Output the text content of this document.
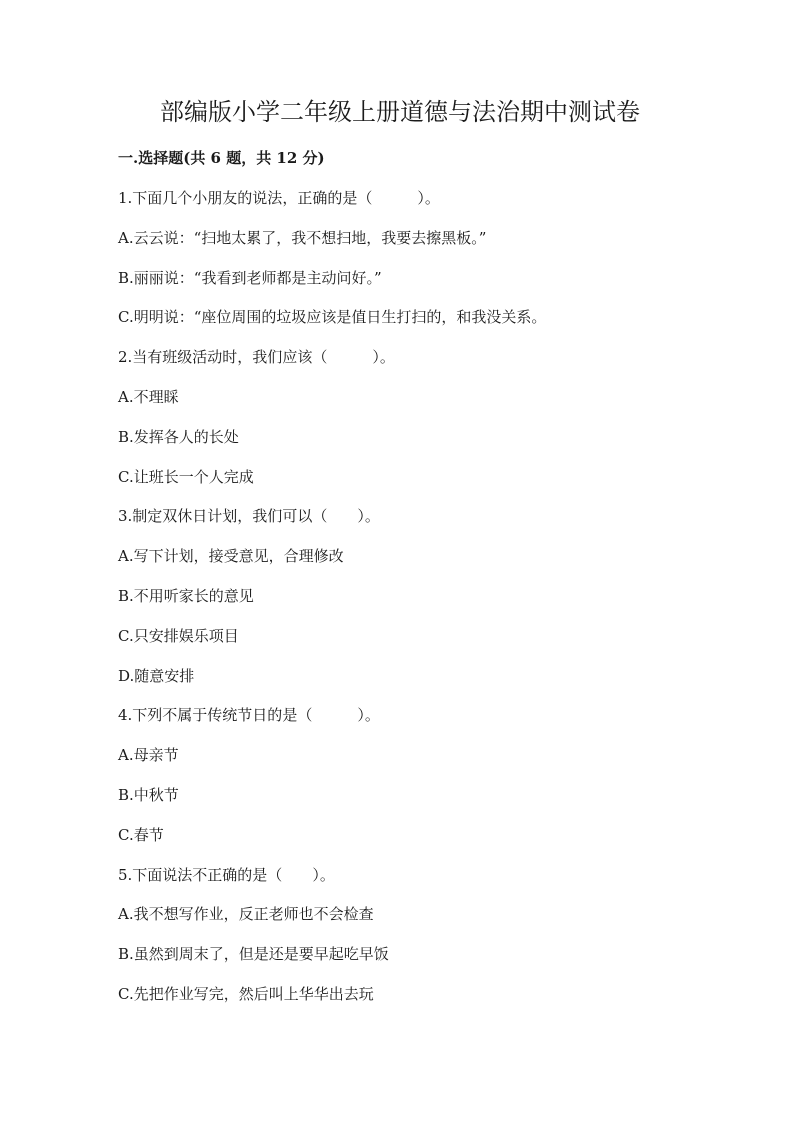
部编版小学二年级上册道德与法治期中测试卷
一.选择题(共 6 题，共 12 分)
1.下面几个小朋友的说法，正确的是（　　　）。
A.云云说：“扫地太累了，我不想扫地，我要去擦黑板。”
B.丽丽说：“我看到老师都是主动问好。”
C.明明说：“座位周围的垃圾应该是值日生打扫的，和我没关系。
2.当有班级活动时，我们应该（　　　）。
A.不理睬
B.发挥各人的长处
C.让班长一个人完成
3.制定双休日计划，我们可以（　　）。
A.写下计划，接受意见，合理修改
B.不用听家长的意见
C.只安排娱乐项目
D.随意安排
4.下列不属于传统节日的是（　　　）。
A.母亲节
B.中秋节
C.春节
5.下面说法不正确的是（　　）。
A.我不想写作业，反正老师也不会检查
B.虽然到周末了，但是还是要早起吃早饭
C.先把作业写完，然后叫上华华出去玩
